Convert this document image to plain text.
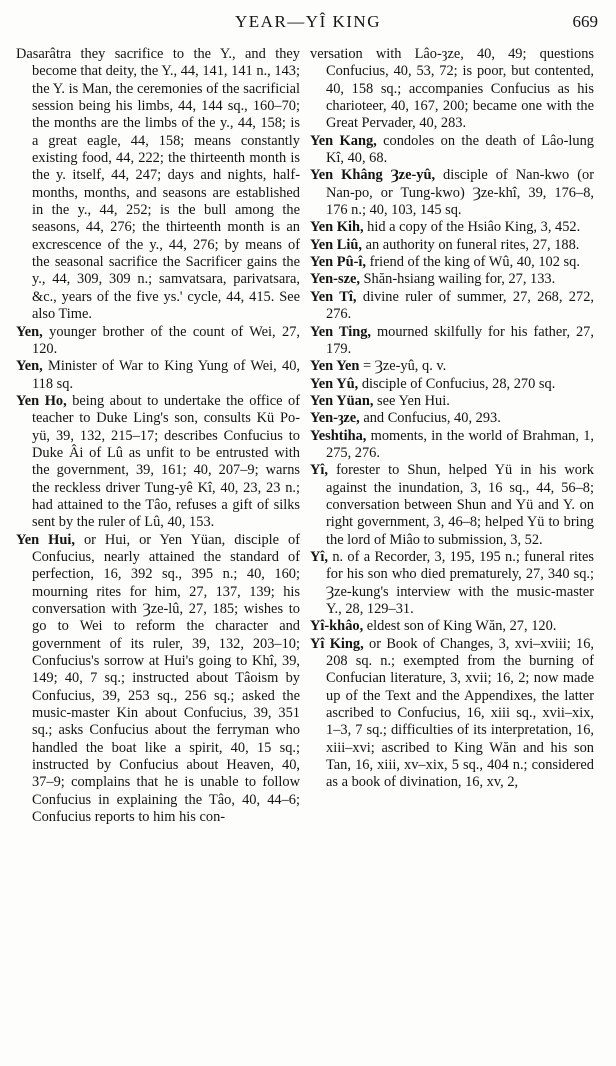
YEAR—YÎ KING	669

Dasarâtra they sacrifice to the Y., and they become that deity, the Y., 44, 141, 141 n., 143; the Y. is Man, the ceremonies of the sacrificial session being his limbs, 44, 144 sq., 160–70; the months are the limbs of the y., 44, 158; is a great eagle, 44, 158; means constantly existing food, 44, 222; the thirteenth month is the y. itself, 44, 247; days and nights, half-months, months, and seasons are established in the y., 44, 252; is the bull among the seasons, 44, 276; the thirteenth month is an excrescence of the y., 44, 276; by means of the seasonal sacrifice the Sacrificer gains the y., 44, 309, 309 n.; samvatsara, parivatsara, &c., years of the five ys.' cycle, 44, 415. See also Time.

Yen, younger brother of the count of Wei, 27, 120.

Yen, Minister of War to King Yung of Wei, 40, 118 sq.

Yen Ho, being about to undertake the office of teacher to Duke Ling's son, consults Kü Po-yü, 39, 132, 215–17; describes Confucius to Duke Âi of Lû as unfit to be entrusted with the government, 39, 161; 40, 207–9; warns the reckless driver Tung-yê Kî, 40, 23, 23 n.; had attained to the Tâo, refuses a gift of silks sent by the ruler of Lû, 40, 153.

Yen Hui, or Hui, or Yen Yüan, disciple of Confucius, nearly attained the standard of perfection, 16, 392 sq., 395 n.; 40, 160; mourning rites for him, 27, 137, 139; his conversation with Ȝze-lû, 27, 185; wishes to go to Wei to reform the character and government of its ruler, 39, 132, 203–10; Confucius's sorrow at Hui's going to Khî, 39, 149; 40, 7 sq.; instructed about Tâoism by Confucius, 39, 253 sq., 256 sq.; asked the music-master Kin about Confucius, 39, 351 sq.; asks Confucius about the ferryman who handled the boat like a spirit, 40, 15 sq.; instructed by Confucius about Heaven, 40, 37–9; complains that he is unable to follow Confucius in explaining the Tâo, 40, 44–6; Confucius reports to him his con-

versation with Lâo-ȝze, 40, 49; questions Confucius, 40, 53, 72; is poor, but contented, 40, 158 sq.; accompanies Confucius as his charioteer, 40, 167, 200; became one with the Great Pervader, 40, 283.

Yen Kang, condoles on the death of Lâo-lung Kî, 40, 68.

Yen Khâng Ȝze-yû, disciple of Nan-kwo (or Nan-po, or Tung-kwo) Ȝze-khî, 39, 176–8, 176 n.; 40, 103, 145 sq.

Yen Kih, hid a copy of the Hsiâo King, 3, 452.

Yen Liû, an authority on funeral rites, 27, 188.

Yen Pû-î, friend of the king of Wû, 40, 102 sq.

Yen-sze, Shăn-hsiang wailing for, 27, 133.

Yen Tî, divine ruler of summer, 27, 268, 272, 276.

Yen Ting, mourned skilfully for his father, 27, 179.

Yen Yen = Ȝze-yû, q. v.

Yen Yû, disciple of Confucius, 28, 270 sq.

Yen Yüan, see Yen Hui.

Yen-ȝze, and Confucius, 40, 293.

Yeshtiha, moments, in the world of Brahman, 1, 275, 276.

Yî, forester to Shun, helped Yü in his work against the inundation, 3, 16 sq., 44, 56–8; conversation between Shun and Yü and Y. on right government, 3, 46–8; helped Yü to bring the lord of Miâo to submission, 3, 52.

Yî, n. of a Recorder, 3, 195, 195 n.; funeral rites for his son who died prematurely, 27, 340 sq.; Ȝze-kung's interview with the music-master Y., 28, 129–31.

Yî-khâo, eldest son of King Wăn, 27, 120.

Yî King, or Book of Changes, 3, xvi–xviii; 16, 208 sq. n.; exempted from the burning of Confucian literature, 3, xvii; 16, 2; now made up of the Text and the Appendixes, the latter ascribed to Confucius, 16, xiii sq., xvii–xix, 1–3, 7 sq.; difficulties of its interpretation, 16, xiii–xvi; ascribed to King Wăn and his son Tan, 16, xiii, xv–xix, 5 sq., 404 n.; considered as a book of divination, 16, xv, 2,
